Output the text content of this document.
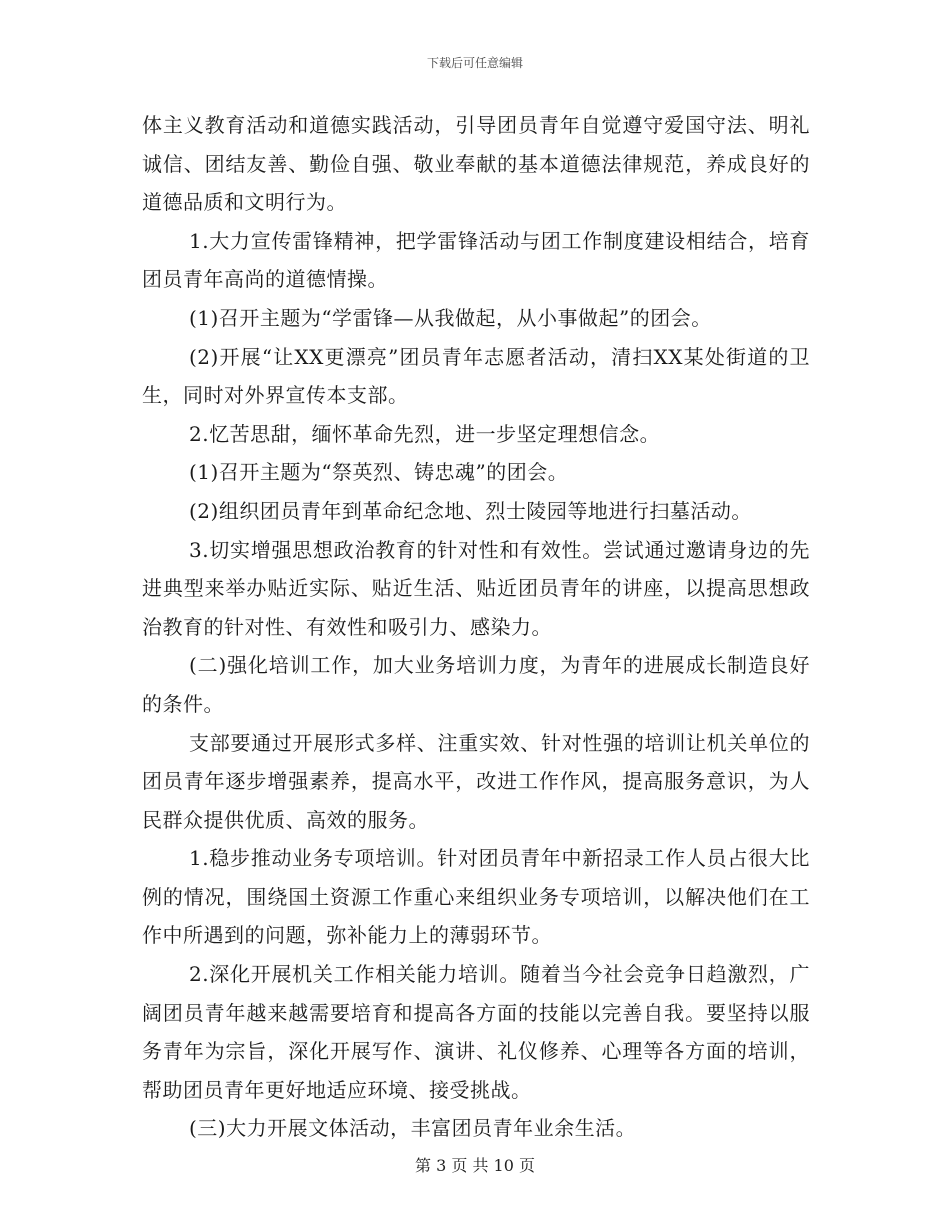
下载后可任意编辑

体主义教育活动和道德实践活动，引导团员青年自觉遵守爱国守法、明礼诚信、团结友善、勤俭自强、敬业奉献的基本道德法律规范，养成良好的道德品质和文明行为。

1.大力宣传雷锋精神，把学雷锋活动与团工作制度建设相结合，培育团员青年高尚的道德情操。

(1)召开主题为“学雷锋—从我做起，从小事做起”的团会。

(2)开展“让XX更漂亮”团员青年志愿者活动，清扫XX某处街道的卫生，同时对外界宣传本支部。

2.忆苦思甜，缅怀革命先烈，进一步坚定理想信念。

(1)召开主题为“祭英烈、铸忠魂”的团会。

(2)组织团员青年到革命纪念地、烈士陵园等地进行扫墓活动。

3.切实增强思想政治教育的针对性和有效性。尝试通过邀请身边的先进典型来举办贴近实际、贴近生活、贴近团员青年的讲座，以提高思想政治教育的针对性、有效性和吸引力、感染力。

(二)强化培训工作，加大业务培训力度，为青年的进展成长制造良好的条件。

支部要通过开展形式多样、注重实效、针对性强的培训让机关单位的团员青年逐步增强素养，提高水平，改进工作作风，提高服务意识，为人民群众提供优质、高效的服务。

1.稳步推动业务专项培训。针对团员青年中新招录工作人员占很大比例的情况，围绕国土资源工作重心来组织业务专项培训，以解决他们在工作中所遇到的问题，弥补能力上的薄弱环节。

2.深化开展机关工作相关能力培训。随着当今社会竞争日趋激烈，广阔团员青年越来越需要培育和提高各方面的技能以完善自我。要坚持以服务青年为宗旨，深化开展写作、演讲、礼仪修养、心理等各方面的培训，帮助团员青年更好地适应环境、接受挑战。

(三)大力开展文体活动，丰富团员青年业余生活。

第 3 页 共 10 页
